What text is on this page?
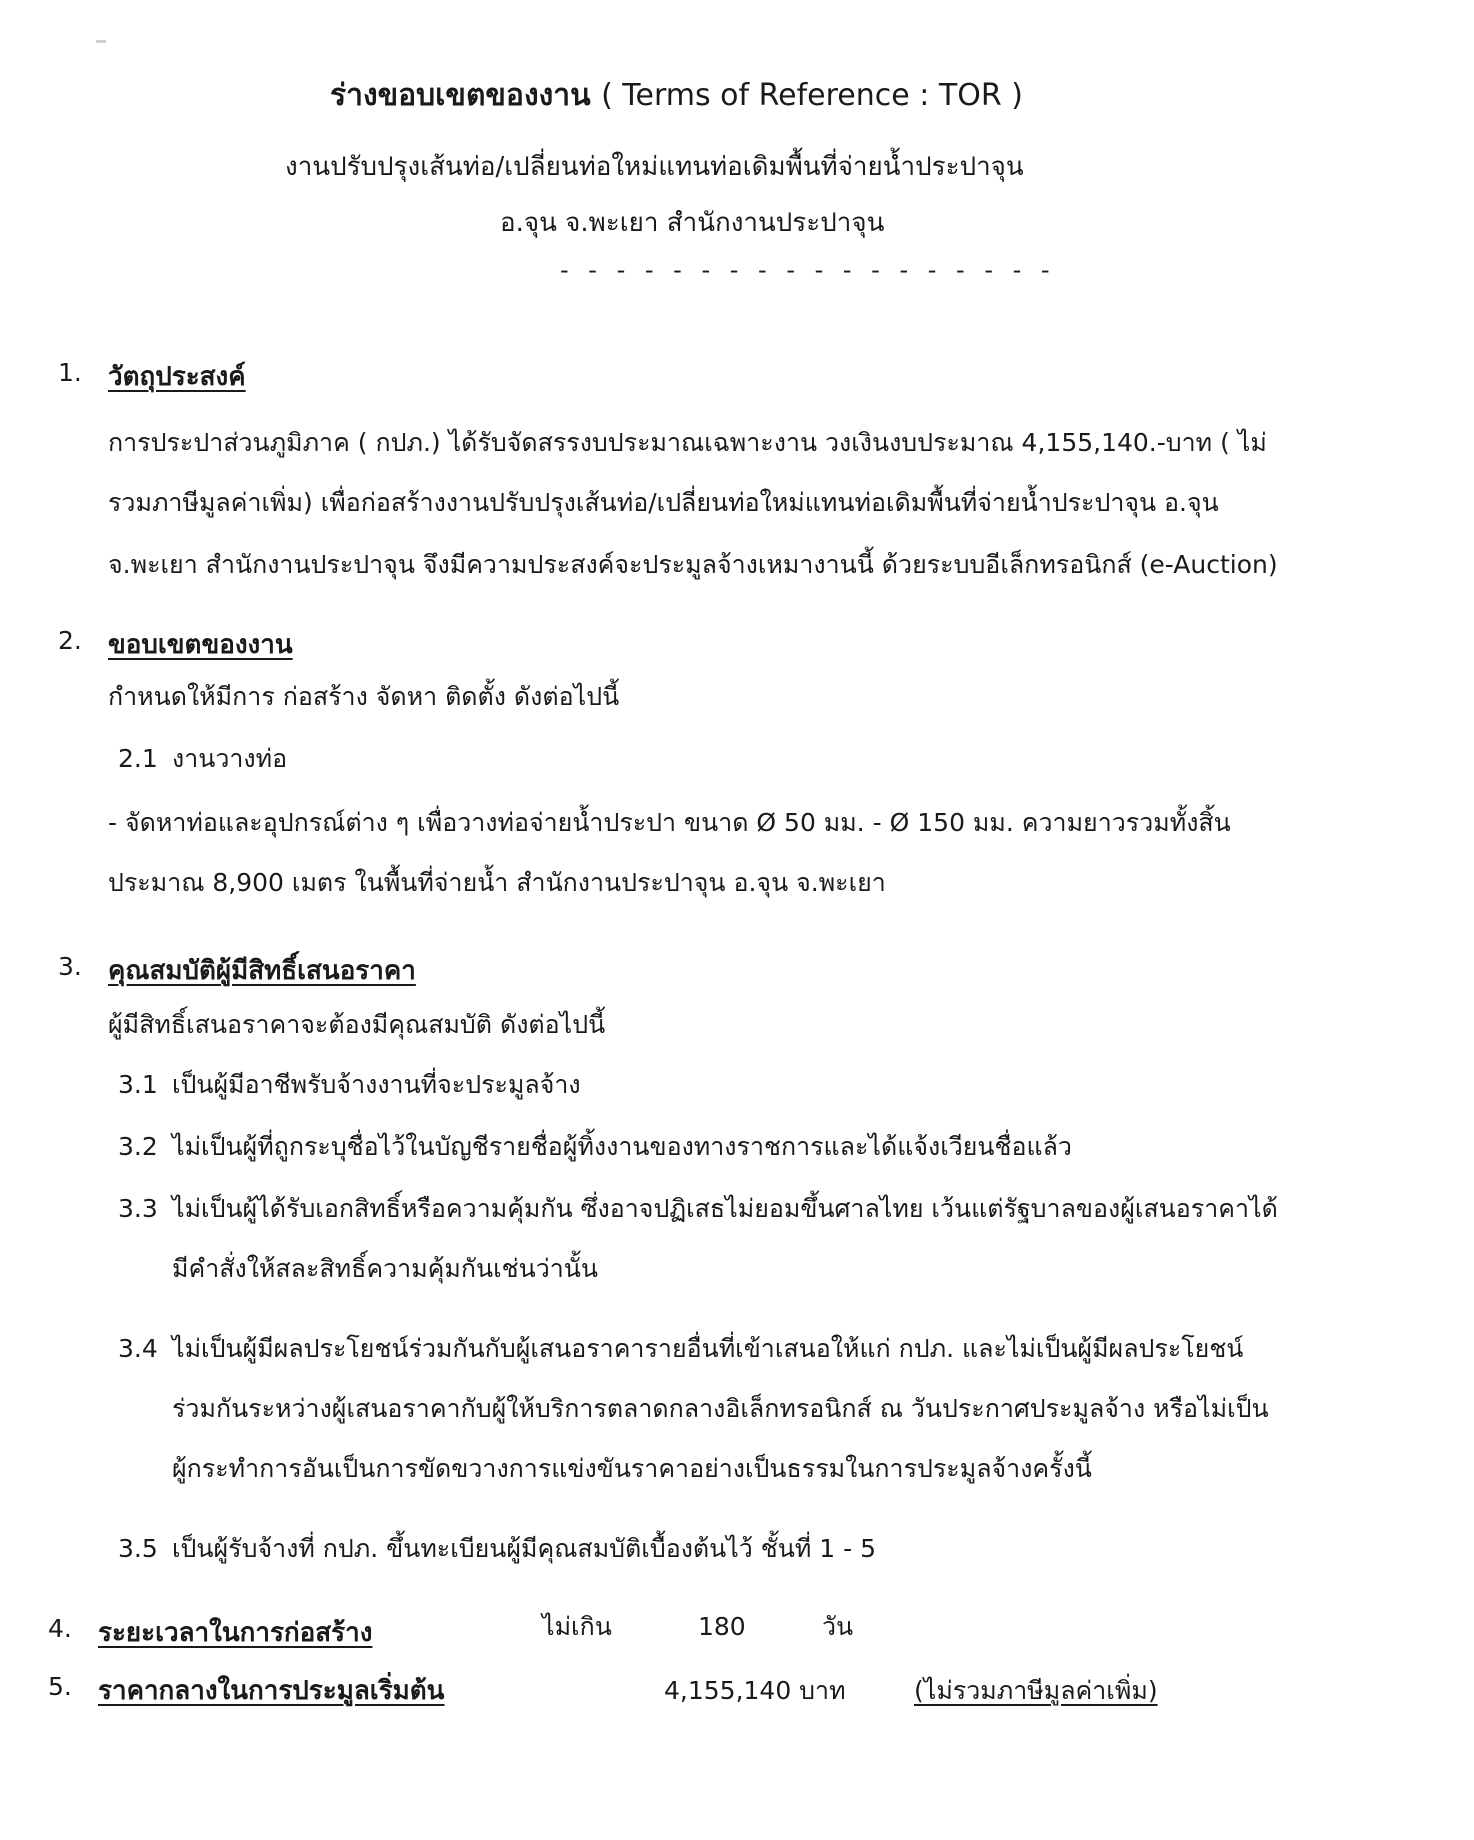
ร่างขอบเขตของงาน ( Terms of Reference : TOR )
งานปรับปรุงเส้นท่อ/เปลี่ยนท่อใหม่แทนท่อเดิมพื้นที่จ่ายน้ำประปาจุน
อ.จุน จ.พะเยา สำนักงานประปาจุน
- - - - - - - - - - - - - - - - - -
1. วัตถุประสงค์
การประปาส่วนภูมิภาค ( กปภ.) ได้รับจัดสรรงบประมาณเฉพาะงาน วงเงินงบประมาณ 4,155,140.-บาท ( ไม่
รวมภาษีมูลค่าเพิ่ม) เพื่อก่อสร้างงานปรับปรุงเส้นท่อ/เปลี่ยนท่อใหม่แทนท่อเดิมพื้นที่จ่ายน้ำประปาจุน อ.จุน
จ.พะเยา สำนักงานประปาจุน จึงมีความประสงค์จะประมูลจ้างเหมางานนี้ ด้วยระบบอีเล็กทรอนิกส์ (e-Auction)
2. ขอบเขตของงาน
กำหนดให้มีการ ก่อสร้าง จัดหา ติดตั้ง ดังต่อไปนี้
2.1 งานวางท่อ
- จัดหาท่อและอุปกรณ์ต่าง ๆ เพื่อวางท่อจ่ายน้ำประปา ขนาด Ø 50 มม. - Ø 150 มม. ความยาวรวมทั้งสิ้น
ประมาณ 8,900 เมตร ในพื้นที่จ่ายน้ำ สำนักงานประปาจุน อ.จุน จ.พะเยา
3. คุณสมบัติผู้มีสิทธิ์เสนอราคา
ผู้มีสิทธิ์เสนอราคาจะต้องมีคุณสมบัติ ดังต่อไปนี้
3.1 เป็นผู้มีอาชีพรับจ้างงานที่จะประมูลจ้าง
3.2 ไม่เป็นผู้ที่ถูกระบุชื่อไว้ในบัญชีรายชื่อผู้ทิ้งงานของทางราชการและได้แจ้งเวียนชื่อแล้ว
3.3 ไม่เป็นผู้ได้รับเอกสิทธิ์หรือความคุ้มกัน ซึ่งอาจปฏิเสธไม่ยอมขึ้นศาลไทย เว้นแต่รัฐบาลของผู้เสนอราคาได้
มีคำสั่งให้สละสิทธิ์ความคุ้มกันเช่นว่านั้น
3.4 ไม่เป็นผู้มีผลประโยชน์ร่วมกันกับผู้เสนอราคารายอื่นที่เข้าเสนอให้แก่ กปภ. และไม่เป็นผู้มีผลประโยชน์
ร่วมกันระหว่างผู้เสนอราคากับผู้ให้บริการตลาดกลางอิเล็กทรอนิกส์ ณ วันประกาศประมูลจ้าง หรือไม่เป็น
ผู้กระทำการอันเป็นการขัดขวางการแข่งขันราคาอย่างเป็นธรรมในการประมูลจ้างครั้งนี้
3.5 เป็นผู้รับจ้างที่ กปภ. ขึ้นทะเบียนผู้มีคุณสมบัติเบื้องต้นไว้ ชั้นที่ 1 - 5
4. ระยะเวลาในการก่อสร้าง	ไม่เกิน	180	วัน
5. ราคากลางในการประมูลเริ่มต้น	4,155,140 บาท	(ไม่รวมภาษีมูลค่าเพิ่ม)
